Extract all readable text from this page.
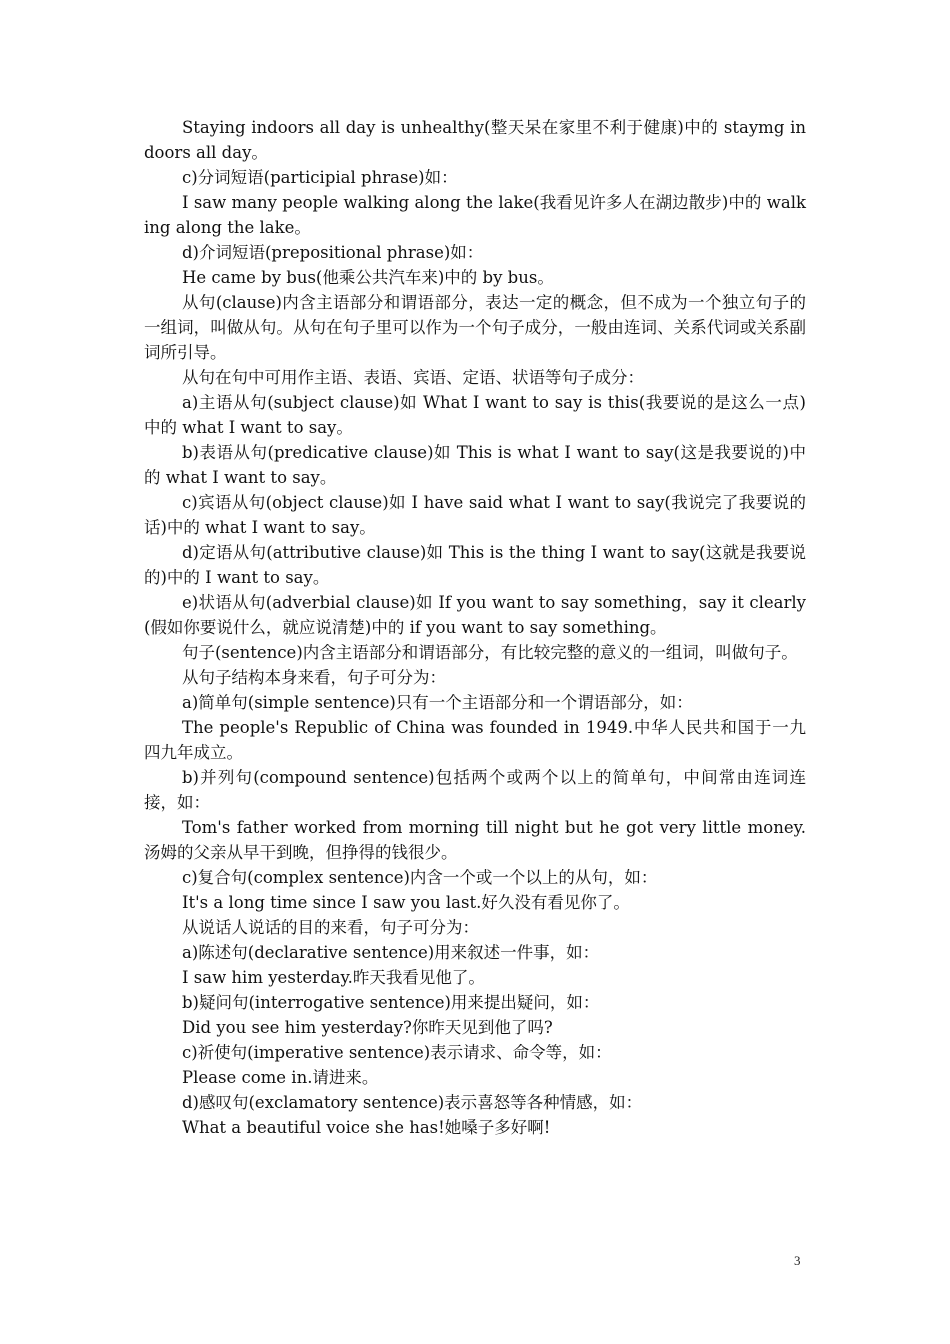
Staying indoors all day is unhealthy(整天呆在家里不利于健康)中的 staymg indoors all day。

c)分词短语(participial phrase)如：

I saw many people walking along the lake(我看见许多人在湖边散步)中的 walking along the lake。

d)介词短语(prepositional phrase)如：

He came by bus(他乘公共汽车来)中的 by bus。

从句(clause)内含主语部分和谓语部分，表达一定的概念，但不成为一个独立句子的一组词，叫做从句。从句在句子里可以作为一个句子成分，一般由连词、关系代词或关系副词所引导。

从句在句中可用作主语、表语、宾语、定语、状语等句子成分：

a)主语从句(subject clause)如 What I want to say is this(我要说的是这么一点)中的 what I want to say。

b)表语从句(predicative clause)如 This is what I want to say(这是我要说的)中的 what I want to say。

c)宾语从句(object clause)如 I have said what I want to say(我说完了我要说的话)中的 what I want to say。

d)定语从句(attributive clause)如 This is the thing I want to say(这就是我要说的)中的 I want to say。

e)状语从句(adverbial clause)如 If you want to say something，say it clearly(假如你要说什么，就应说清楚)中的 if you want to say something。

句子(sentence)内含主语部分和谓语部分，有比较完整的意义的一组词，叫做句子。

从句子结构本身来看，句子可分为：

a)简单句(simple sentence)只有一个主语部分和一个谓语部分，如：

The people's Republic of China was founded in 1949.中华人民共和国于一九四九年成立。

b)并列句(compound sentence)包括两个或两个以上的简单句，中间常由连词连接，如：

Tom's father worked from morning till night but he got very little money.汤姆的父亲从早干到晚，但挣得的钱很少。

c)复合句(complex sentence)内含一个或一个以上的从句，如：

It's a long time since I saw you last.好久没有看见你了。

从说话人说话的目的来看，句子可分为：

a)陈述句(declarative sentence)用来叙述一件事，如：

I saw him yesterday.昨天我看见他了。

b)疑问句(interrogative sentence)用来提出疑问，如：

Did you see him yesterday?你昨天见到他了吗?

c)祈使句(imperative sentence)表示请求、命令等，如：

Please come in.请进来。

d)感叹句(exclamatory sentence)表示喜怒等各种情感，如：

What a beautiful voice she has!她嗓子多好啊!

3
